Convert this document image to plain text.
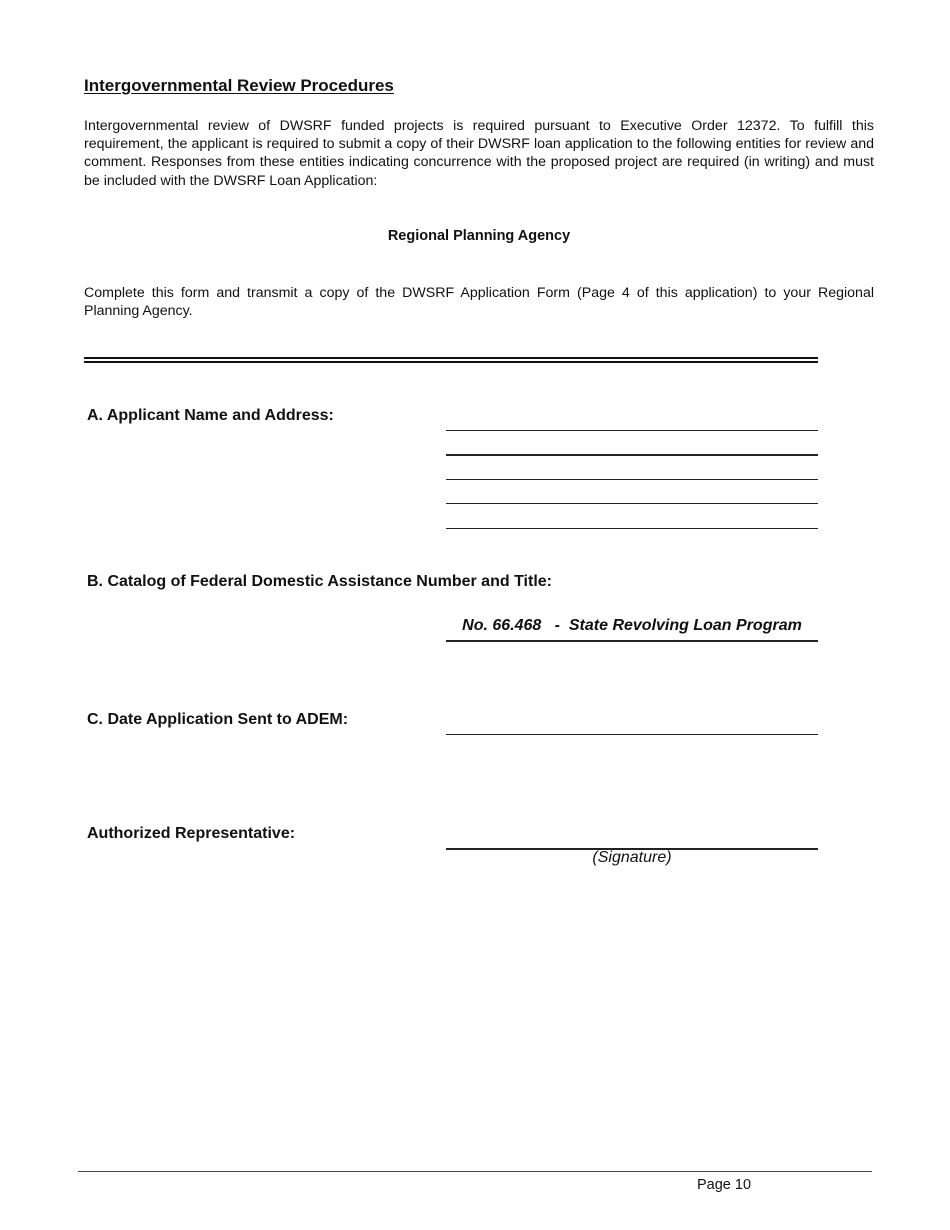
Intergovernmental Review Procedures
Intergovernmental review of DWSRF funded projects is required pursuant to Executive Order 12372. To fulfill this requirement, the applicant is required to submit a copy of their DWSRF loan application to the following entities for review and comment. Responses from these entities indicating concurrence with the proposed project are required (in writing) and must be included with the DWSRF Loan Application:
Regional Planning Agency
Complete this form and transmit a copy of the DWSRF Application Form (Page 4 of this application) to your Regional Planning Agency.
A. Applicant Name and Address:
B. Catalog of Federal Domestic Assistance Number and Title:
No. 66.468   -  State Revolving Loan Program
C. Date Application Sent to ADEM:
Authorized Representative:
(Signature)
Page 10
